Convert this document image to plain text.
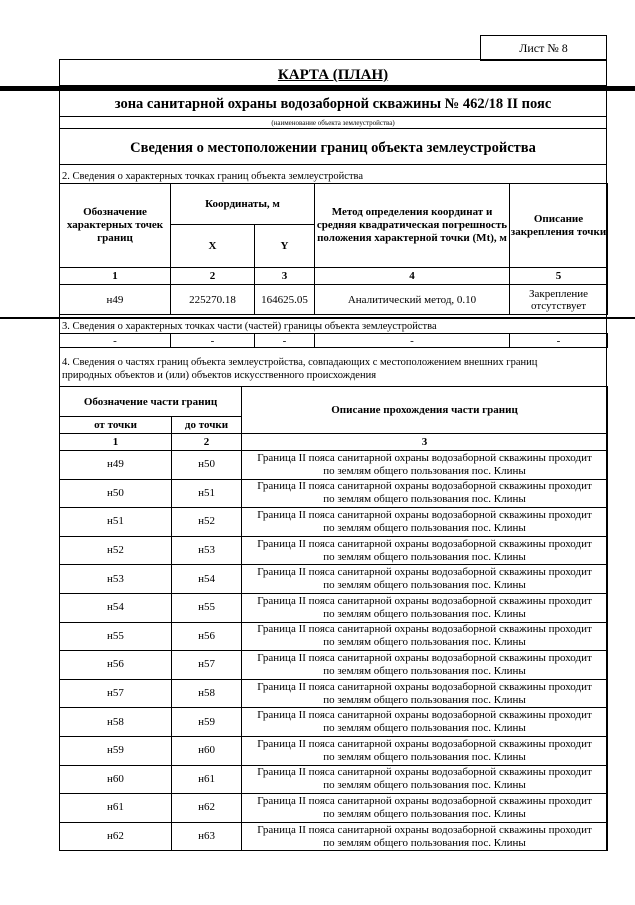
Лист № 8
КАРТА (ПЛАН)
зона санитарной охраны водозаборной скважины № 462/18 II пояс
(наименование объекта землеустройства)
Сведения о местоположении границ объекта землеустройства
2. Сведения о характерных точках границ объекта землеустройства
Обозначение характерных точек границ	Координаты, м		Метод определения координат и средняя квадратическая погрешность положения характерной точки (Mt), м	Описание закрепления точки
	X	Y		
1	2	3	4	5
н49	225270.18	164625.05	Аналитический метод, 0.10	Закрепление отсутствует
3. Сведения о характерных точках части (частей) границы объекта землеустройства
-	-	-	-	-
4. Сведения о частях границ объекта землеустройства, совпадающих с местоположением внешних границ природных объектов и (или) объектов искусственного происхождения
Обозначение части границ		Описание прохождения части границ
от точки	до точки	
1	2	3
н49	н50	Граница II пояса санитарной охраны водозаборной скважины проходит
по землям общего пользования пос. Клины

н50	н51	Граница II пояса санитарной охраны водозаборной скважины проходит
по землям общего пользования пос. Клины

н51	н52	Граница II пояса санитарной охраны водозаборной скважины проходит
по землям общего пользования пос. Клины

н52	н53	Граница II пояса санитарной охраны водозаборной скважины проходит
по землям общего пользования пос. Клины

н53	н54	Граница II пояса санитарной охраны водозаборной скважины проходит
по землям общего пользования пос. Клины

н54	н55	Граница II пояса санитарной охраны водозаборной скважины проходит
по землям общего пользования пос. Клины

н55	н56	Граница II пояса санитарной охраны водозаборной скважины проходит
по землям общего пользования пос. Клины

н56	н57	Граница II пояса санитарной охраны водозаборной скважины проходит
по землям общего пользования пос. Клины

н57	н58	Граница II пояса санитарной охраны водозаборной скважины проходит
по землям общего пользования пос. Клины

н58	н59	Граница II пояса санитарной охраны водозаборной скважины проходит
по землям общего пользования пос. Клины

н59	н60	Граница II пояса санитарной охраны водозаборной скважины проходит
по землям общего пользования пос. Клины

н60	н61	Граница II пояса санитарной охраны водозаборной скважины проходит
по землям общего пользования пос. Клины

н61	н62	Граница II пояса санитарной охраны водозаборной скважины проходит
по землям общего пользования пос. Клины

н62	н63	Граница II пояса санитарной охраны водозаборной скважины проходит
по землям общего пользования пос. Клины
